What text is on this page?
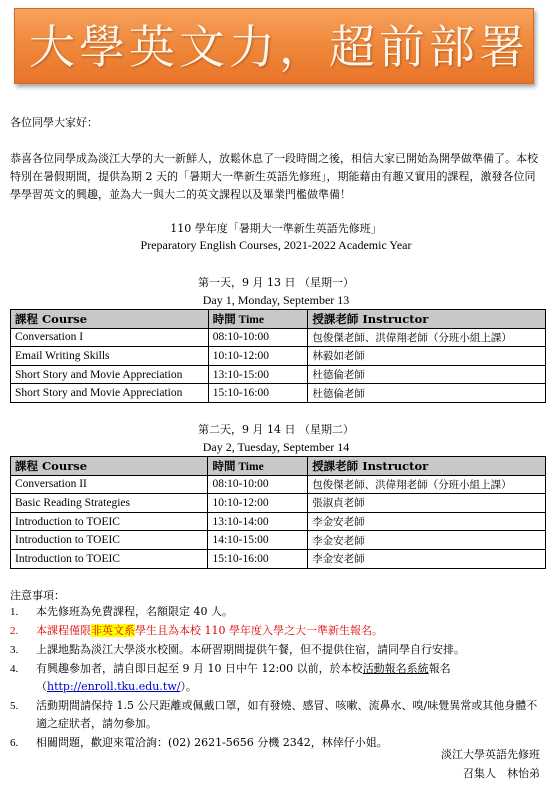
大學英文力，超前部署
各位同學大家好：
恭喜各位同學成為淡江大學的大一新鮮人，放鬆休息了一段時間之後，相信大家已開始為開學做準備了。本校特別在暑假期間，提供為期 2 天的「暑期大一準新生英語先修班」，期能藉由有趣又實用的課程，激發各位同學學習英文的興趣，並為大一與大二的英文課程以及畢業門檻做準備！
110 學年度「暑期大一準新生英語先修班」
Preparatory English Courses, 2021-2022 Academic Year
第一天，9 月 13 日 （星期一）
Day 1, Monday, September 13
課程 Course	時間 Time	授課老師 Instructor
Conversation I	08:10-10:00	包俊傑老師、洪偉翔老師（分班小組上課）
Email Writing Skills	10:10-12:00	林毅如老師
Short Story and Movie Appreciation	13:10-15:00	杜德倫老師
Short Story and Movie Appreciation	15:10-16:00	杜德倫老師
第二天，9 月 14 日 （星期二）
Day 2, Tuesday, September 14
課程 Course	時間 Time	授課老師 Instructor
Conversation II	08:10-10:00	包俊傑老師、洪偉翔老師（分班小組上課）
Basic Reading Strategies	10:10-12:00	張淑貞老師
Introduction to TOEIC	13:10-14:00	李金安老師
Introduction to TOEIC	14:10-15:00	李金安老師
Introduction to TOEIC	15:10-16:00	李金安老師
注意事項：
1. 本先修班為免費課程，名額限定 40 人。
2. 本課程僅限非英文系學生且為本校 110 學年度入學之大一準新生報名。
3. 上課地點為淡江大學淡水校園。本研習期間提供午餐，但不提供住宿，請同學自行安排。
4. 有興趣參加者，請自即日起至 9 月 10 日中午 12:00 以前，於本校活動報名系統報名
（http://enroll.tku.edu.tw/）。
5. 活動期間請保持 1.5 公尺距離或佩戴口罩，如有發燒、感冒、咳嗽、流鼻水、嗅/味覺異常或其他身體不適之症狀者，請勿參加。
6. 相關問題，歡迎來電洽詢：(02) 2621-5656 分機 2342，林倖仔小姐。
淡江大學英語先修班
召集人　林怡弟
